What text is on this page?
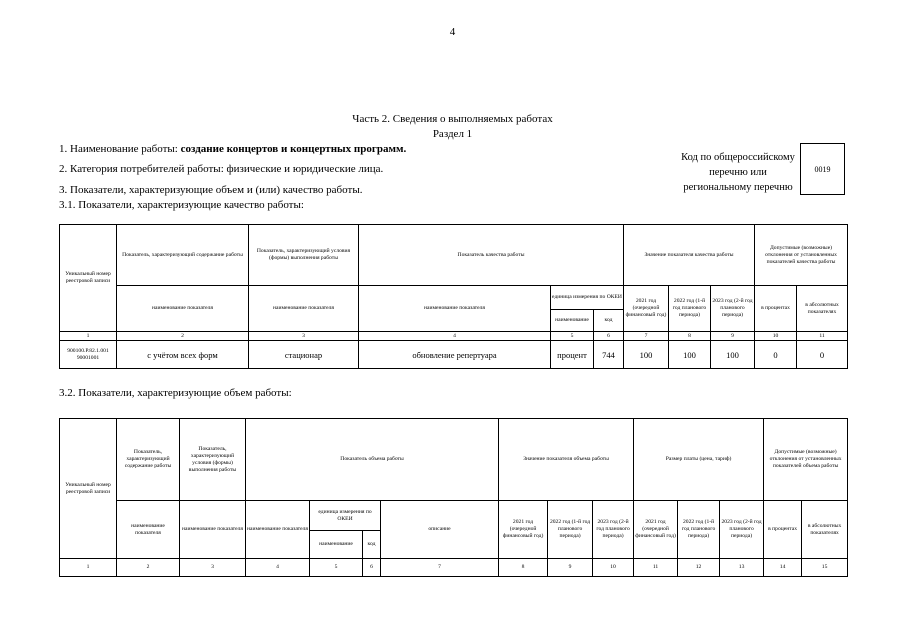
4
Часть 2. Сведения о выполняемых работах
Раздел 1
1. Наименование работы: создание концертов и концертных программ.
2. Категория потребителей работы: физические и юридические лица.
3. Показатели, характеризующие объем и (или) качество работы.
3.1. Показатели, характеризующие качество работы:
Код по общероссийскому перечню или региональному перечню
0019
Уникальный номер реестровой записи	Показатель, характеризующий содержание работы	Показатель, характеризующий условия (формы) выполнения работы	Показатель качества работы			Значение показателя качества работы			Допустимые (возможные) отклонения от установленных показателей качества работы	
	наименование показателя	наименование показателя	наименование показателя	единица измерения по ОКЕИ		2021 год (очередной финансовый год)	2022 год (1-й год планового периода)	2023 год (2-й год планового периода)	в процентах	в абсолютных показателях
				наименование	код					
1	2	3	4	5	6	7	8	9	10	11
900100.Р.82.1.001 90001001	с учётом всех форм	стационар	обновление репертуара	процент	744	100	100	100	0	0
3.2. Показатели, характеризующие объем работы:
Уникальный номер реестровой записи	Показатель, характеризующий содержание работы	Показатель, характеризующий условия (формы) выполнения работы	Показатель объема работы				Значение показателя объема работы			Размер платы (цена, тариф)			Допустимые (возможные) отклонения от установленных показателей объема работы	
	наименование показателя	наименование показателя	наименование показателя	единица измерения по ОКЕИ		описание	2021 год (очередной финансовый год)	2022 год (1-й год планового периода)	2023 год (2-й год планового периода)	2021 год (очередной финансовый год)	2022 год (1-й год планового периода)	2023 год (2-й год планового периода)	в процентах	в абсолютных показателях
				наименование	код									
1	2	3	4	5	6	7	8	9	10	11	12	13	14	15
